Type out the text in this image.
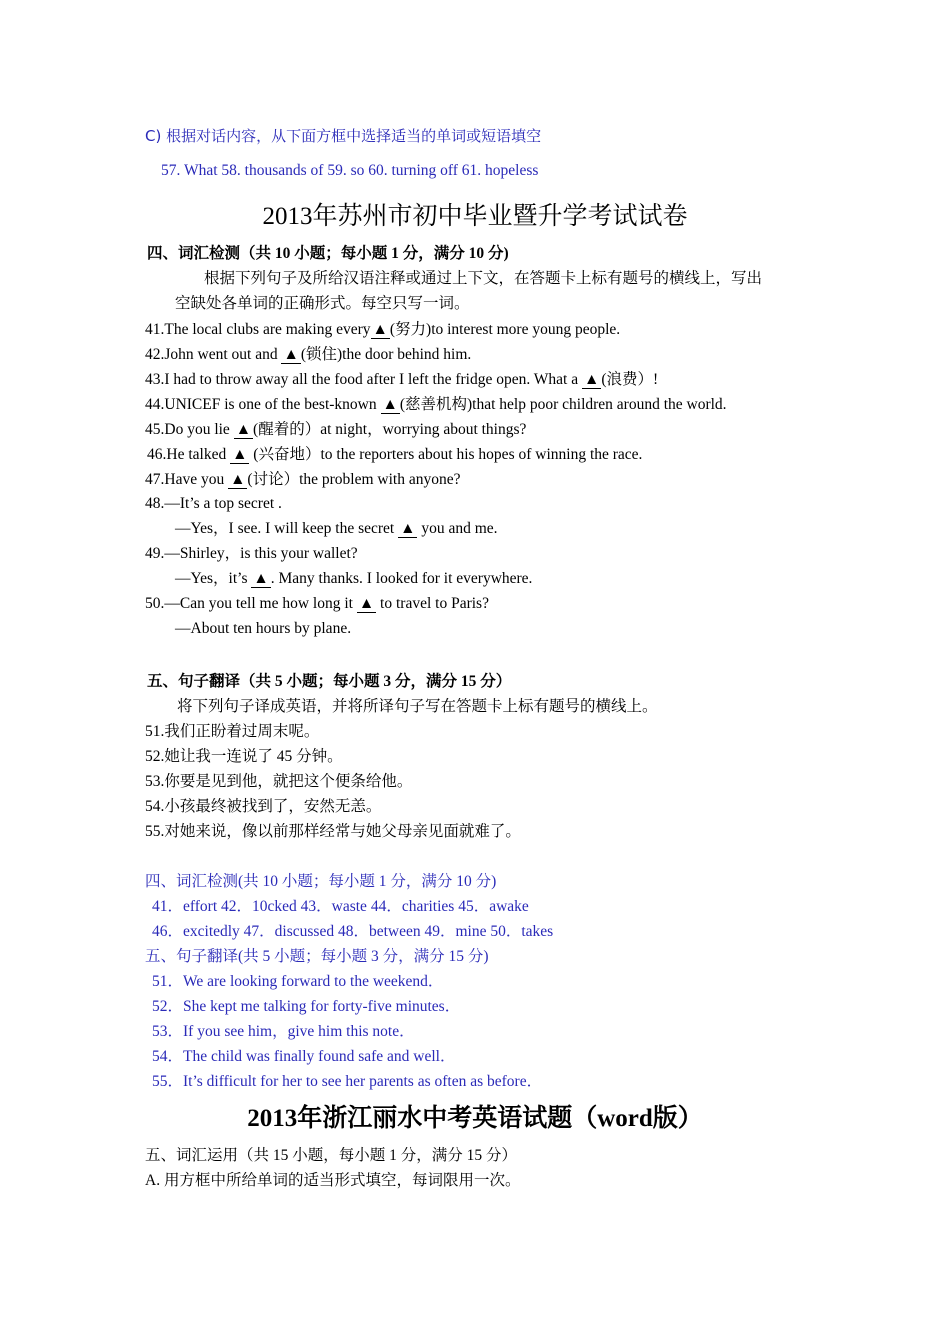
C) 根据对话内容，从下面方框中选择适当的单词或短语填空
57. What 58. thousands of 59. so 60. turning off 61. hopeless
2013年苏州市初中毕业暨升学考试试卷
四、词汇检测（共 10 小题；每小题 1 分，满分 10 分)
根据下列句子及所给汉语注释或通过上下文，在答题卡上标有题号的横线上，写出
空缺处各单词的正确形式。每空只写一词。
41.The local clubs are making every ▲ (努力)to interest more young people.
42.John went out and ▲ (锁住)the door behind him.
43.I had to throw away all the food after I left the fridge open. What a ▲ (浪费）!
44.UNICEF is one of the best-known ▲ (慈善机构)that help poor children around the world.
45.Do you lie ▲ (醒着的）at night，worrying about things?
46.He talked ▲ (兴奋地）to the reporters about his hopes of winning the race.
47.Have you ▲ (讨论）the problem with anyone?
48.—It’s a top secret .
—Yes，I see. I will keep the secret ▲ you and me.
49.—Shirley，is this your wallet?
—Yes，it’s ▲ . Many thanks. I looked for it everywhere.
50.—Can you tell me how long it ▲ to travel to Paris?
—About ten hours by plane.
五、句子翻译（共 5 小题；每小题 3 分，满分 15 分）
将下列句子译成英语，并将所译句子写在答题卡上标有题号的横线上。
51.我们正盼着过周末呢。
52.她让我一连说了 45 分钟。
53.你要是见到他，就把这个便条给他。
54.小孩最终被找到了，安然无恙。
55.对她来说，像以前那样经常与她父母亲见面就难了。
四、词汇检测(共 10 小题；每小题 1 分，满分 10 分)
41．effort 42．10cked 43．waste 44．charities 45．awake
46．excitedly 47．discussed 48．between 49．mine 50．takes
五、句子翻译(共 5 小题；每小题 3 分，满分 15 分)
51．We are looking forward to the weekend．
52．She kept me talking for forty-five minutes．
53．If you see him，give him this note．
54．The child was finally found safe and well．
55．It’s difficult for her to see her parents as often as before．
2013年浙江丽水中考英语试题（word版）
五、词汇运用（共 15 小题，每小题 1 分，满分 15 分）
A. 用方框中所给单词的适当形式填空，每词限用一次。
